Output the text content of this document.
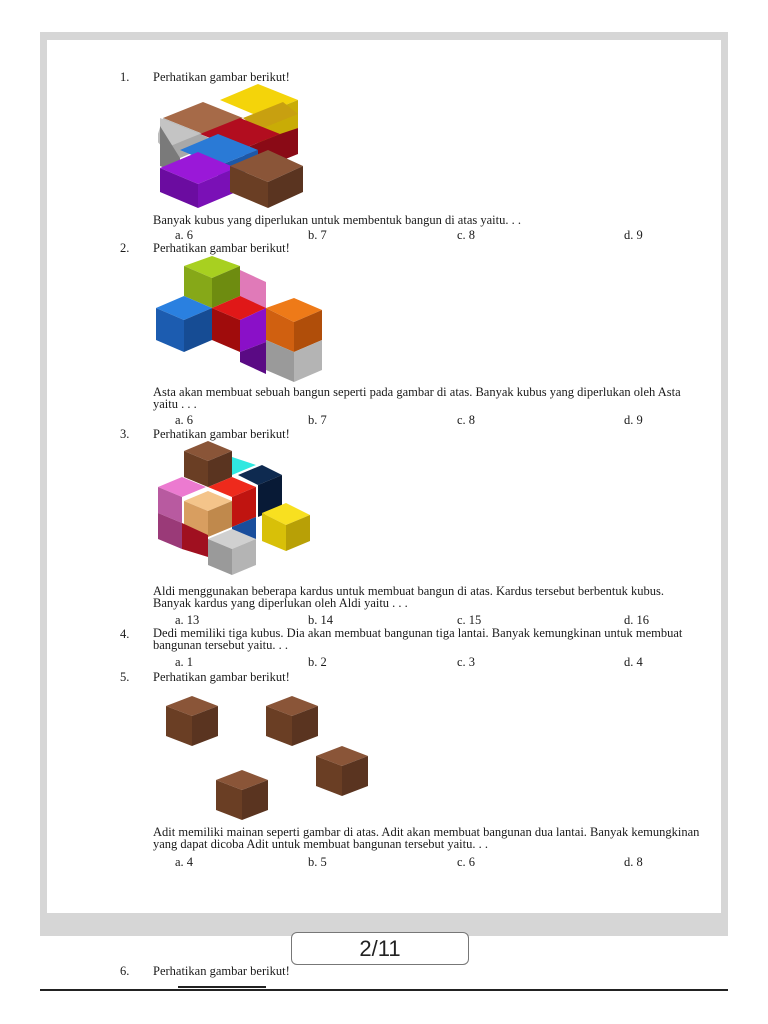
1. Perhatikan gambar berikut!
Banyak kubus yang diperlukan untuk membentuk bangun di atas yaitu. . .
a. 6	b. 7	c. 8	d. 9
2. Perhatikan gambar berikut!
Asta akan membuat sebuah bangun seperti pada gambar di atas. Banyak kubus yang diperlukan oleh Asta yaitu . . .
a. 6	b. 7	c. 8	d. 9
3. Perhatikan gambar berikut!
Aldi menggunakan beberapa kardus untuk membuat bangun di atas. Kardus tersebut berbentuk kubus. Banyak kardus yang diperlukan oleh Aldi yaitu . . .
a. 13	b. 14	c. 15	d. 16
4. Dedi memiliki tiga kubus. Dia akan membuat bangunan tiga lantai. Banyak kemungkinan untuk membuat bangunan tersebut yaitu. . .
a. 1	b. 2	c. 3	d. 4
5. Perhatikan gambar berikut!
Adit memiliki mainan seperti gambar di atas. Adit akan membuat bangunan dua lantai. Banyak kemungkinan yang dapat dicoba Adit untuk membuat bangunan tersebut yaitu. . .
a. 4	b. 5	c. 6	d. 8
2/11
6. Perhatikan gambar berikut!
